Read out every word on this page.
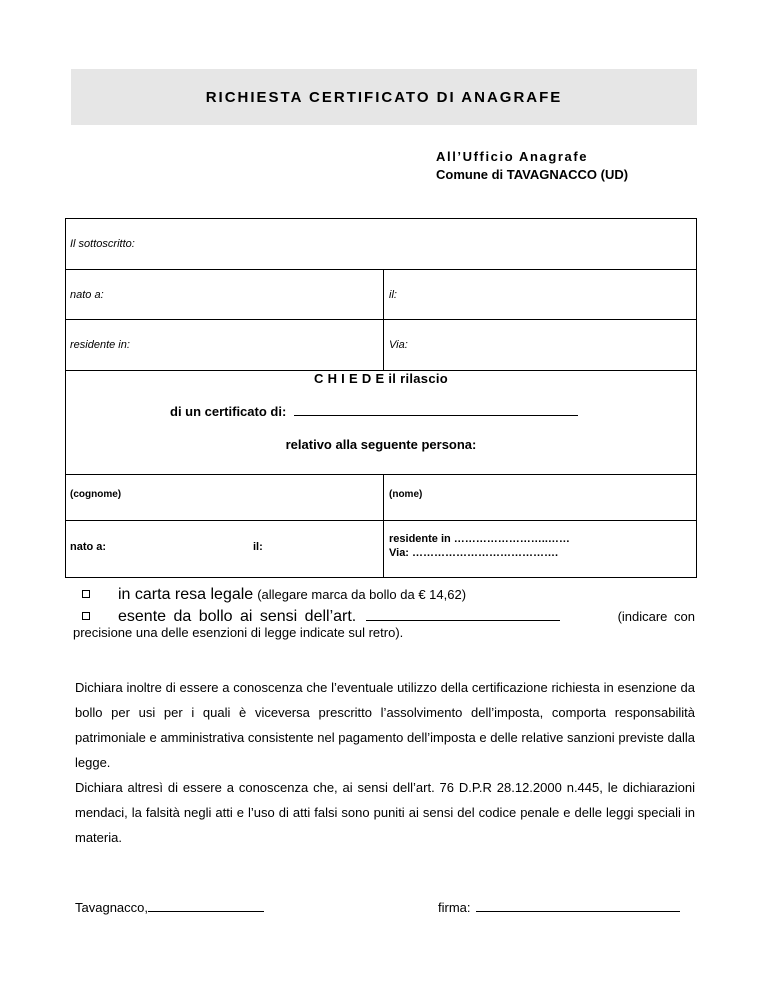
RICHIESTA CERTIFICATO DI ANAGRAFE
All’Ufficio Anagrafe
Comune di TAVAGNACCO (UD)
Il sottoscritto:
nato a:	il:
residente in:	Via:
C H I E D E il rilascio
di un certificato di:
relativo alla seguente persona:
(cognome)	(nome)
nato a:	il:
residente in ……………………..……
Via: ………………………………….
in carta resa legale (allegare marca da bollo da € 14,62)
esente da bollo ai sensi dell’art.	(indicare con
precisione una delle esenzioni di legge indicate sul retro).

Dichiara inoltre di essere a conoscenza che l’eventuale utilizzo della certificazione richiesta in esenzione da bollo per usi per i quali è viceversa prescritto l’assolvimento dell’imposta, comporta responsabilità patrimoniale e amministrativa consistente nel pagamento dell’imposta e delle relative sanzioni previste dalla legge.

Dichiara altresì di essere a conoscenza che, ai sensi dell’art. 76 D.P.R 28.12.2000 n.445, le dichiarazioni mendaci, la falsità negli atti e l’uso di atti falsi sono puniti ai sensi del codice penale e delle leggi speciali in materia.

Tavagnacco,	firma:
